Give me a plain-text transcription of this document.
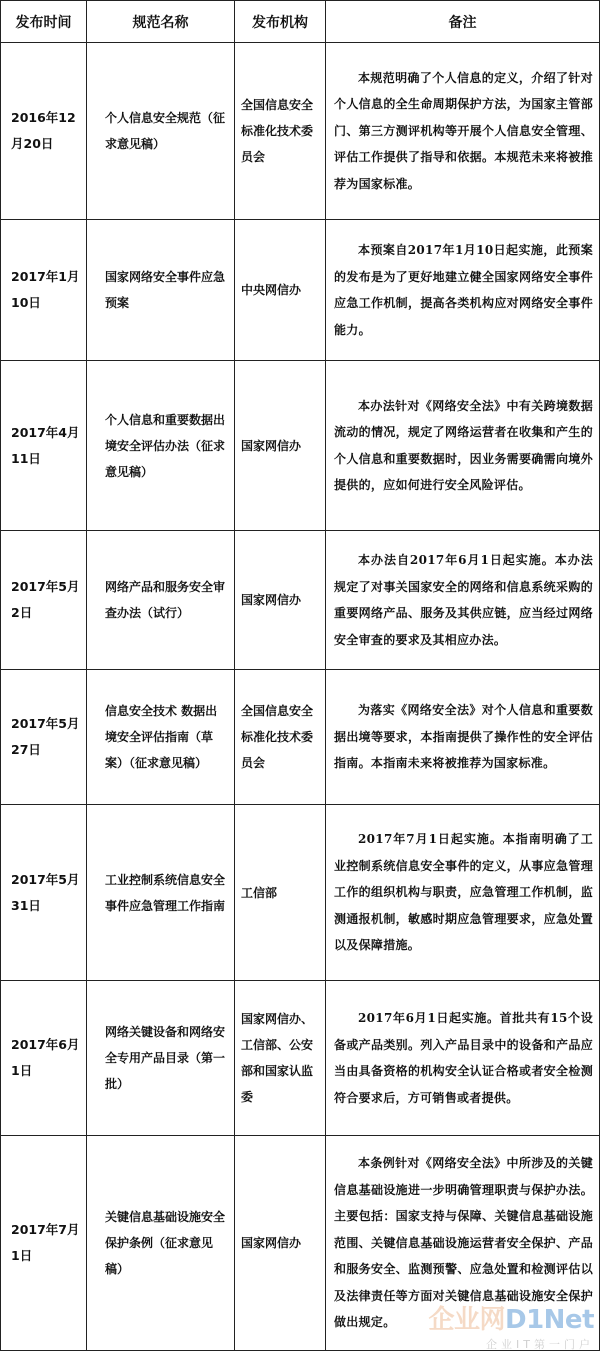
发布时间	规范名称	发布机构	备注
2016年12月20日	个人信息安全规范（征求意见稿）	全国信息安全标准化技术委员会	本规范明确了个人信息的定义，介绍了针对个人信息的全生命周期保护方法，为国家主管部门、第三方测评机构等开展个人信息安全管理、评估工作提供了指导和依据。本规范未来将被推荐为国家标准。
2017年1月10日	国家网络安全事件应急预案	中央网信办	本预案自2017年1月10日起实施，此预案的发布是为了更好地建立健全国家网络安全事件应急工作机制，提高各类机构应对网络安全事件能力。
2017年4月11日	个人信息和重要数据出境安全评估办法（征求意见稿）	国家网信办	本办法针对《网络安全法》中有关跨境数据流动的情况，规定了网络运营者在收集和产生的个人信息和重要数据时，因业务需要确需向境外提供的，应如何进行安全风险评估。
2017年5月2日	网络产品和服务安全审查办法（试行）	国家网信办	本办法自2017年6月1日起实施。本办法规定了对事关国家安全的网络和信息系统采购的重要网络产品、服务及其供应链，应当经过网络安全审查的要求及其相应办法。
2017年5月27日	信息安全技术 数据出境安全评估指南（草案）（征求意见稿）	全国信息安全标准化技术委员会	为落实《网络安全法》对个人信息和重要数据出境等要求，本指南提供了操作性的安全评估指南。本指南未来将被推荐为国家标准。
2017年5月31日	工业控制系统信息安全事件应急管理工作指南	工信部	2017年7月1日起实施。本指南明确了工业控制系统信息安全事件的定义，从事应急管理工作的组织机构与职责，应急管理工作机制，监测通报机制，敏感时期应急管理要求，应急处置以及保障措施。
2017年6月1日	网络关键设备和网络安全专用产品目录（第一批）	国家网信办、工信部、公安部和国家认监委	2017年6月1日起实施。首批共有15个设备或产品类别。列入产品目录中的设备和产品应当由具备资格的机构安全认证合格或者安全检测符合要求后，方可销售或者提供。
2017年7月1日	关键信息基础设施安全保护条例（征求意见稿）	国家网信办	本条例针对《网络安全法》中所涉及的关键信息基础设施进一步明确管理职责与保护办法。主要包括：国家支持与保障、关键信息基础设施范围、关键信息基础设施运营者安全保护、产品和服务安全、监测预警、应急处置和检测评估以及法律责任等方面对关键信息基础设施安全保护做出规定。 企业网D1Net
企业IT第一门户
